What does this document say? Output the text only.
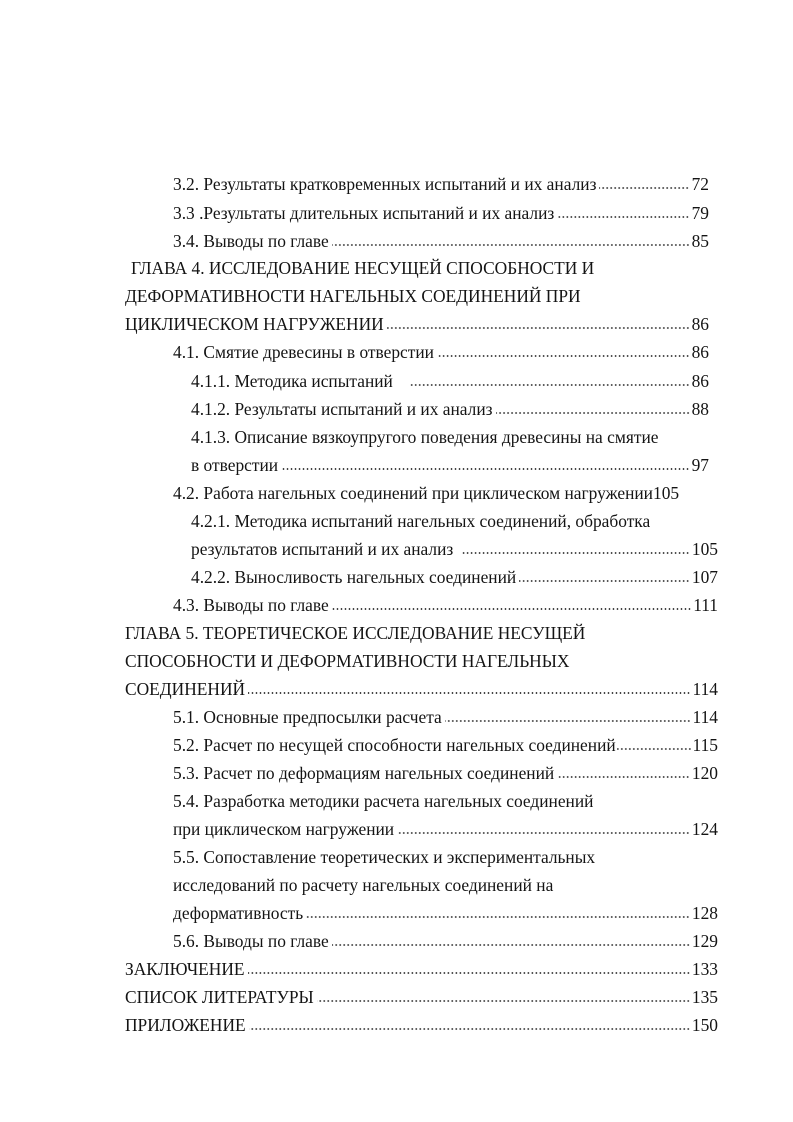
3.2. Результаты кратковременных испытаний и их анализ	72
3.3 .Результаты длительных испытаний и их анализ	79
3.4. Выводы по главе	85
ГЛАВА 4. ИССЛЕДОВАНИЕ НЕСУЩЕЙ СПОСОБНОСТИ И
ДЕФОРМАТИВНОСТИ НАГЕЛЬНЫХ СОЕДИНЕНИЙ ПРИ
ЦИКЛИЧЕСКОМ НАГРУЖЕНИИ	86
4.1. Смятие древесины в отверстии	86
4.1.1. Методика испытаний	86
4.1.2. Результаты испытаний и их анализ	88
4.1.3. Описание вязкоупругого поведения древесины на смятие
в отверстии	97
4.2. Работа нагельных соединений при циклическом нагружении 105
4.2.1. Методика испытаний нагельных соединений, обработка
результатов испытаний и их анализ	105
4.2.2. Выносливость нагельных соединений	107
4.3. Выводы по главе	111
ГЛАВА 5. ТЕОРЕТИЧЕСКОЕ ИССЛЕДОВАНИЕ НЕСУЩЕЙ
СПОСОБНОСТИ И ДЕФОРМАТИВНОСТИ НАГЕЛЬНЫХ
СОЕДИНЕНИЙ	114
5.1. Основные предпосылки расчета	114
5.2. Расчет по несущей способности нагельных соединений	115
5.3. Расчет по деформациям нагельных соединений	120
5.4. Разработка методики расчета нагельных соединений
при циклическом нагружении	124
5.5. Сопоставление теоретических и экспериментальных
исследований по расчету нагельных соединений на
деформативность	128
5.6. Выводы по главе	129
ЗАКЛЮЧЕНИЕ	133
СПИСОК ЛИТЕРАТУРЫ	135
ПРИЛОЖЕНИЕ	150
